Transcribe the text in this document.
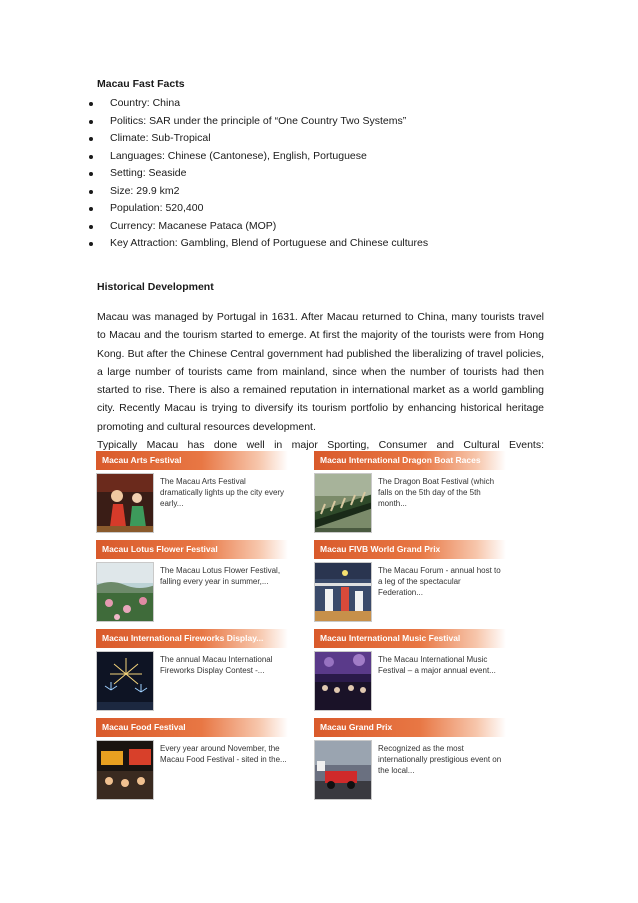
Macau Fast Facts
Country: China
Politics: SAR under the principle of “One Country Two Systems”
Climate: Sub-Tropical
Languages: Chinese (Cantonese), English, Portuguese
Setting: Seaside
Size: 29.9 km2
Population: 520,400
Currency: Macanese Pataca (MOP)
Key Attraction: Gambling, Blend of Portuguese and Chinese cultures
Historical Development
Macau was managed by Portugal in 1631. After Macau returned to China, many tourists travel to Macau and the tourism started to emerge. At first the majority of the tourists were from Hong Kong. But after the Chinese Central government had published the liberalizing of travel policies, a large number of tourists came from mainland, since when the number of tourists had then started to rise. There is also a remained reputation in international market as a world gambling city. Recently Macau is trying to diversify its tourism portfolio by enhancing historical heritage promoting and cultural resources development.
Typically Macau has done well in major Sporting, Consumer and Cultural Events:
Macau Arts Festival
The Macau Arts Festival dramatically lights up the city every early...
Macau International Dragon Boat Races
The Dragon Boat Festival (which falls on the 5th day of the 5th month...
Macau Lotus Flower Festival
The Macau Lotus Flower Festival, falling every year in summer,...
Macau FIVB World Grand Prix
The Macau Forum - annual host to a leg of the spectacular Federation...
Macau International Fireworks Display...
The annual Macau International Fireworks Display Contest -...
Macau International Music Festival
The Macau International Music Festival – a major annual event...
Macau Food Festival
Every year around November, the Macau Food Festival - sited in the...
Macau Grand Prix
Recognized as the most internationally prestigious event on the local...
